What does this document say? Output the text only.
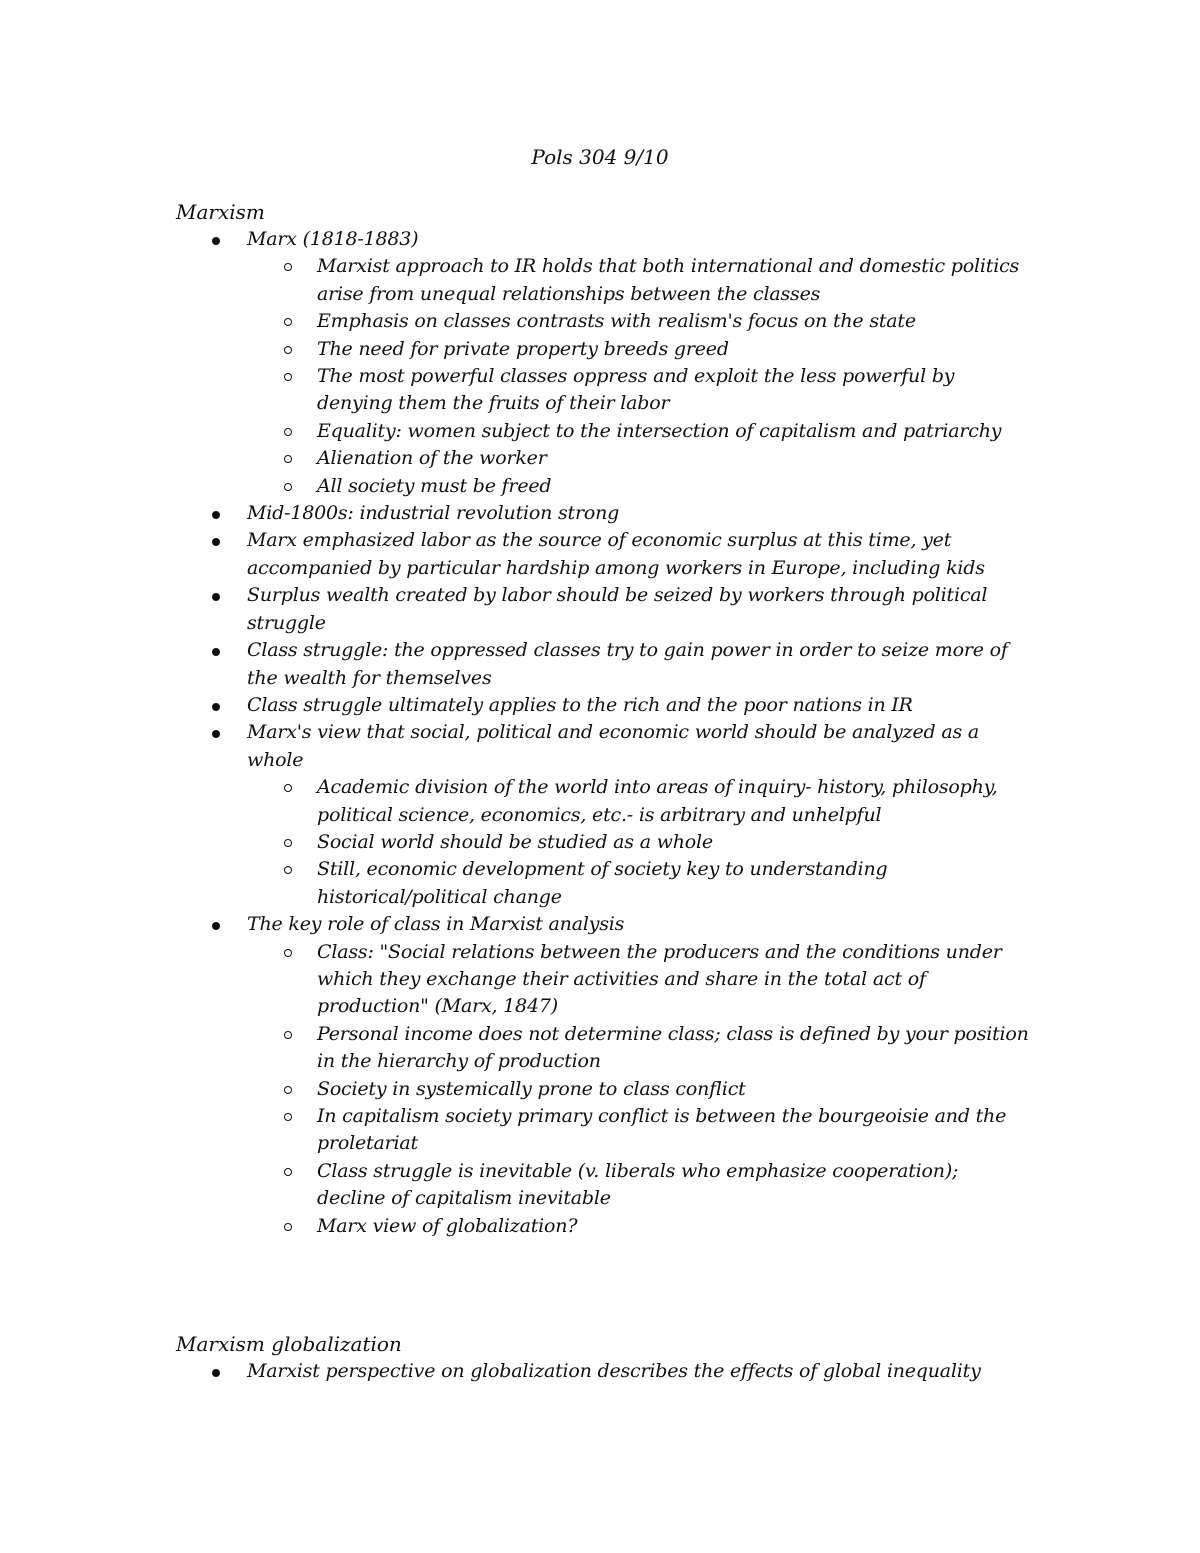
Pols 304 9/10
Marxism
Marx (1818-1883)
Marxist approach to IR holds that both international and domestic politics arise from unequal relationships between the classes
Emphasis on classes contrasts with realism's focus on the state
The need for private property breeds greed
The most powerful classes oppress and exploit the less powerful by denying them the fruits of their labor
Equality: women subject to the intersection of capitalism and patriarchy
Alienation of the worker
All society must be freed
Mid-1800s: industrial revolution strong
Marx emphasized labor as the source of economic surplus at this time, yet accompanied by particular hardship among workers in Europe, including kids
Surplus wealth created by labor should be seized by workers through political struggle
Class struggle: the oppressed classes try to gain power in order to seize more of the wealth for themselves
Class struggle ultimately applies to the rich and the poor nations in IR
Marx's view that social, political and economic world should be analyzed as a whole
Academic division of the world into areas of inquiry- history, philosophy, political science, economics, etc.- is arbitrary and unhelpful
Social world should be studied as a whole
Still, economic development of society key to understanding historical/political change
The key role of class in Marxist analysis
Class: "Social relations between the producers and the conditions under which they exchange their activities and share in the total act of production" (Marx, 1847)
Personal income does not determine class; class is defined by your position in the hierarchy of production
Society in systemically prone to class conflict
In capitalism society primary conflict is between the bourgeoisie and the proletariat
Class struggle is inevitable (v. liberals who emphasize cooperation); decline of capitalism inevitable
Marx view of globalization?
Marxism globalization
Marxist perspective on globalization describes the effects of global inequality
